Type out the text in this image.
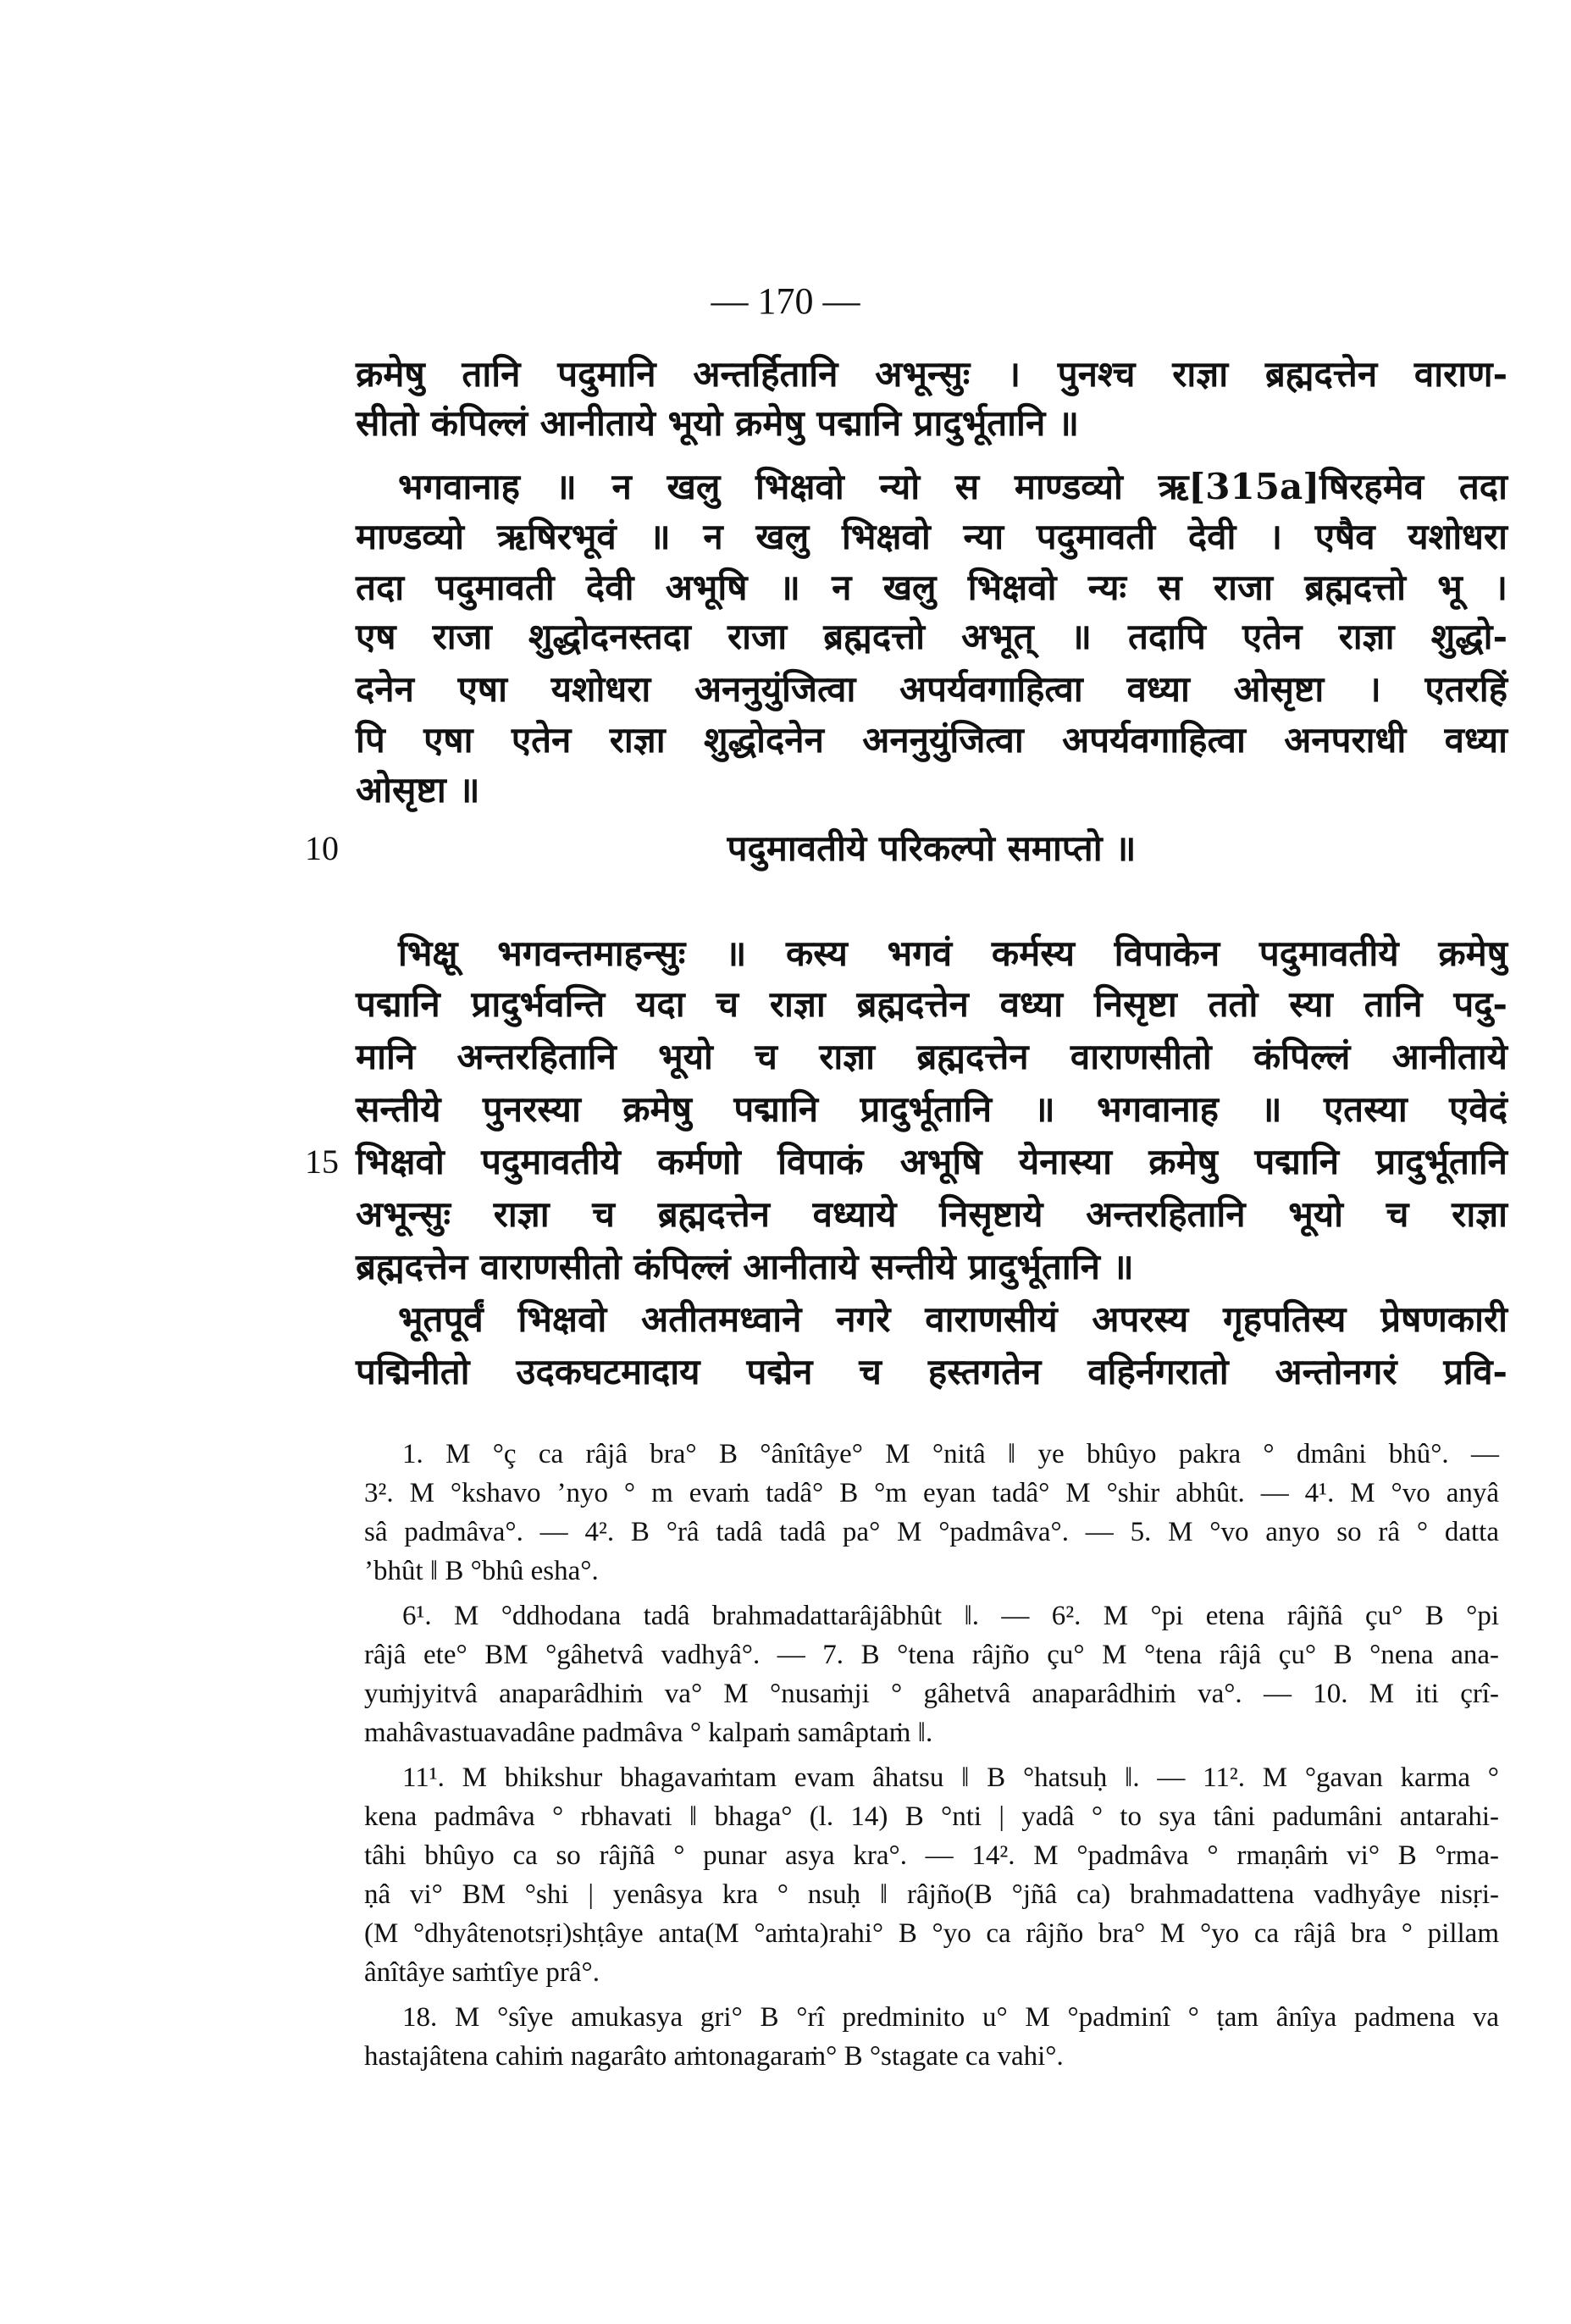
— 170 —
क्रमेषु तानि पदुमानि अन्तर्हितानि अभून्सुः । पुनश्च राज्ञा ब्रह्मदत्तेन वाराण-
सीतो कंपिल्लं आनीताये भूयो क्रमेषु पद्मानि प्रादुर्भूतानि ॥
भगवानाह ॥ न खलु भिक्षवो न्यो स माण्डव्यो ऋ[315a]षिरहमेव तदा
माण्डव्यो ऋषिरभूवं ॥ न खलु भिक्षवो न्या पदुमावती देवी । एषैव यशोधरा
तदा पदुमावती देवी अभूषि ॥ न खलु भिक्षवो न्यः स राजा ब्रह्मदत्तो भू ।
एष राजा शुद्धोदनस्तदा राजा ब्रह्मदत्तो अभूत् ॥ तदापि एतेन राज्ञा शुद्धो-
दनेन एषा यशोधरा अननुयुंजित्वा अपर्यवगाहित्वा वध्या ओसृष्टा । एतरहिं
पि एषा एतेन राज्ञा शुद्धोदनेन अननुयुंजित्वा अपर्यवगाहित्वा अनपराधी वध्या
ओसृष्टा ॥
10	पदुमावतीये परिकल्पो समाप्तो ॥
भिक्षू भगवन्तमाहन्सुः ॥ कस्य भगवं कर्मस्य विपाकेन पदुमावतीये क्रमेषु
पद्मानि प्रादुर्भवन्ति यदा च राज्ञा ब्रह्मदत्तेन वध्या निसृष्टा ततो स्या तानि पदु-
मानि अन्तरहितानि भूयो च राज्ञा ब्रह्मदत्तेन वाराणसीतो कंपिल्लं आनीताये
सन्तीये पुनरस्या क्रमेषु पद्मानि प्रादुर्भूतानि ॥ भगवानाह ॥ एतस्या एवेदं
15 भिक्षवो पदुमावतीये कर्मणो विपाकं अभूषि येनास्या क्रमेषु पद्मानि प्रादुर्भूतानि
अभून्सुः राज्ञा च ब्रह्मदत्तेन वध्याये निसृष्टाये अन्तरहितानि भूयो च राज्ञा
ब्रह्मदत्तेन वाराणसीतो कंपिल्लं आनीताये सन्तीये प्रादुर्भूतानि ॥
भूतपूर्वं भिक्षवो अतीतमध्वाने नगरे वाराणसीयं अपरस्य गृहपतिस्य प्रेषणकारी
पद्मिनीतो उदकघटमादाय पद्मेन च हस्तगतेन वहिर्नगरातो अन्तोनगरं प्रवि-
1. M °ç ca râjâ bra° B °ânîtâye° M °nitâ ‖ ye bhûyo pakra ° dmâni bhû°. —
3². M °kshavo ’nyo ° m evaṁ tadâ° B °m eyan tadâ° M °shir abhût. — 4¹. M °vo anyâ
sâ padmâva°. — 4². B °râ tadâ tadâ pa° M °padmâva°. — 5. M °vo anyo so râ ° datta
’bhût ‖ B °bhû esha°.
6¹. M °ddhodana tadâ brahmadattarâjâbhût ‖. — 6². M °pi etena râjñâ çu° B °pi
râjâ ete° BM °gâhetvâ vadhyâ°. — 7. B °tena râjño çu° M °tena râjâ çu° B °nena ana-
yuṁjyitvâ anaparâdhiṁ va° M °nusaṁji ° gâhetvâ anaparâdhiṁ va°. — 10. M iti çrî-
mahâvastuavadâne padmâva ° kalpaṁ samâptaṁ ‖.
11¹. M bhikshur bhagavaṁtam evam âhatsu ‖ B °hatsuḥ ‖. — 11². M °gavan karma °
kena padmâva ° rbhavati ‖ bhaga° (l. 14) B °nti | yadâ ° to sya tâni padumâni antarahi-
tâhi bhûyo ca so râjñâ ° punar asya kra°. — 14². M °padmâva ° rmaṇâṁ vi° B °rma-
ṇâ vi° BM °shi | yenâsya kra ° nsuḥ ‖ râjño(B °jñâ ca) brahmadattena vadhyâye nisṛi-
(M °dhyâtenotsṛi)shṭâye anta(M °aṁta)rahi° B °yo ca râjño bra° M °yo ca râjâ bra ° pillam
ânîtâye saṁtîye prâ°.
18. M °sîye amukasya gri° B °rî predminito u° M °padminî ° ṭam ânîya padmena va
hastajâtena cahiṁ nagarâto aṁtonagaraṁ° B °stagate ca vahi°.
